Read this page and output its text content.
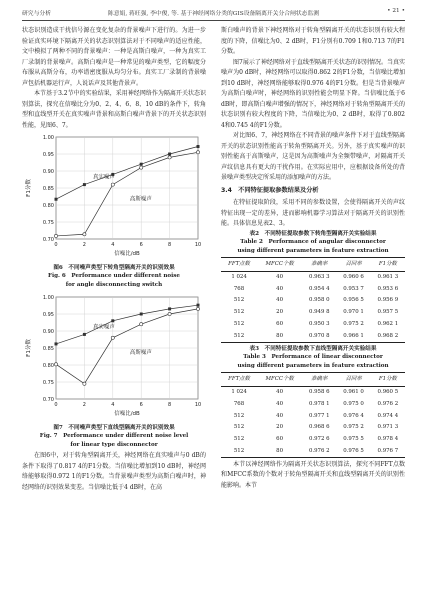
研究与分析	陈意娟, 蒋旺强, 李中俊, 等. 基于神经网络分类的GIS设备隔离开关分合闸状态监测	• 21 •

状态识别造成干扰信号源在变化复杂的背景噪声下进行的。为进一步验证真实环境下隔离开关的状态识别算法对于不同噪声的适应性能，文中模拟了两种不同的背景噪声：一种是高斯白噪声，一种为真实工厂录制的背景噪声。高斯白噪声是一种常见的噪声类型，它的幅度分布服从高斯分布，功率谱密度服从均匀分布。真实工厂录制的背景噪声包括机器运行声，人说话声及其他背景声。

本节基于3.2节中的实验结果，采用神经网络作为隔离开关状态识别算法，探究在信噪比分为0、2、4、6、8、10 dB的条件下，转角型和直线型开关在真实噪声背景和高斯白噪声背景下的开关状态识别性能，见图6、7。

0.70
0.75
0.80
0.85
0.90
0.95
1.00
0	2	4	6	8	10
信噪比/dB
F1分数
真实噪声
高斯噪声
图6　不同噪声类型下转角型隔离开关的识别效果
Fig. 6　Performance under different noise
for angle disconnecting switch
0.70
0.75
0.80
0.85
0.90
0.95
1.00
0	2	4	6	8	10
信噪比/dB
F1分数
真实噪声
高斯噪声
图7　不同噪声类型下直线型隔离开关的识别效果
Fig. 7　Performance under different noise level
for linear type disconnector

在图6中，对于转角型隔离开关，神经网络在真实噪声与0 dB的条件下取得了0.817 4的F1分数。当信噪比增加到10 dB时，神经网络能够取得0.972 1的F1分数。当背景噪声类型为高斯白噪声时，神经网络的识别效果变差。当信噪比低于4 dB时，在高

斯白噪声的背景下神经网络对于转角型隔离开关的状态识别有较大程度的下降，信噪比为0、2 dB时，F1分别有0.709 1和0.713 7的F1分数。

图7展示了神经网络对于直线型隔离开关状态的识别情况。当真实噪声为0 dB时，神经网络可以取得0.862 2的F1分数，当信噪比增加到10 dB时，神经网络能够取得0.976 4的F1分数。但是当背景噪声为高斯白噪声时，神经网络的识别性能会明显下降。当信噪比低于6 dB时，即高斯白噪声增强的情况下，神经网络对于转角型隔离开关的状态识别有较大程度的下降，当信噪比为0、2 dB时，取得了0.802 4和0.745 4的F1分数。

对比图6、7，神经网络在不同背景的噪声条件下对于直线型隔离开关的状态识别性能高于转角型隔离开关。另外，基于真实噪声的识别性能高于高斯噪声，这是因为高斯噪声为全频带噪声，对隔离开关声纹信息具有更大的干扰作用。在实际应用中，应根据设备所处的背景噪声类型决定所采用的添加噪声的方法。

3.4　不同特征提取参数结果及分析

在特征提取阶段，采用不同的参数设置，会使得隔离开关的声纹特征出现一定的差异，进而影响机器学习算法对于隔离开关的识别性能。具体信息见表2、3。

表2　不同特征提取参数下转角型隔离开关实验结果
Table 2　Performance of angular disconnector
using different parameters in feature extraction
FFT点数	MFCC个数	准确率	召回率	F1分数
1 024	40	0.963 3	0.960 6	0.961 3
768	40	0.954 4	0.953 7	0.953 6
512	40	0.958 0	0.956 5	0.956 9
512	20	0.949 8	0.970 1	0.957 5
512	60	0.950 3	0.975 2	0.962 1
512	80	0.970 8	0.966 1	0.968 2
表3　不同特征提取参数下直线型隔离开关实验结果
Table 3　Performance of linear disconnector
using different parameters in feature extraction
FFT点数	MFCC个数	准确率	召回率	F1分数
1 024	40	0.958 6	0.961 0	0.960 5
768	40	0.978 1	0.975 0	0.976 2
512	40	0.977 1	0.976 4	0.974 4
512	20	0.968 6	0.975 2	0.971 3
512	60	0.972 6	0.975 5	0.978 4
512	80	0.976 2	0.976 5	0.976 7

本节以神经网络作为隔离开关状态识别算法，探究不同FFT点数和MFCC系数的个数对于转角型隔离开关和直线型隔离开关的识别性能影响。本节
